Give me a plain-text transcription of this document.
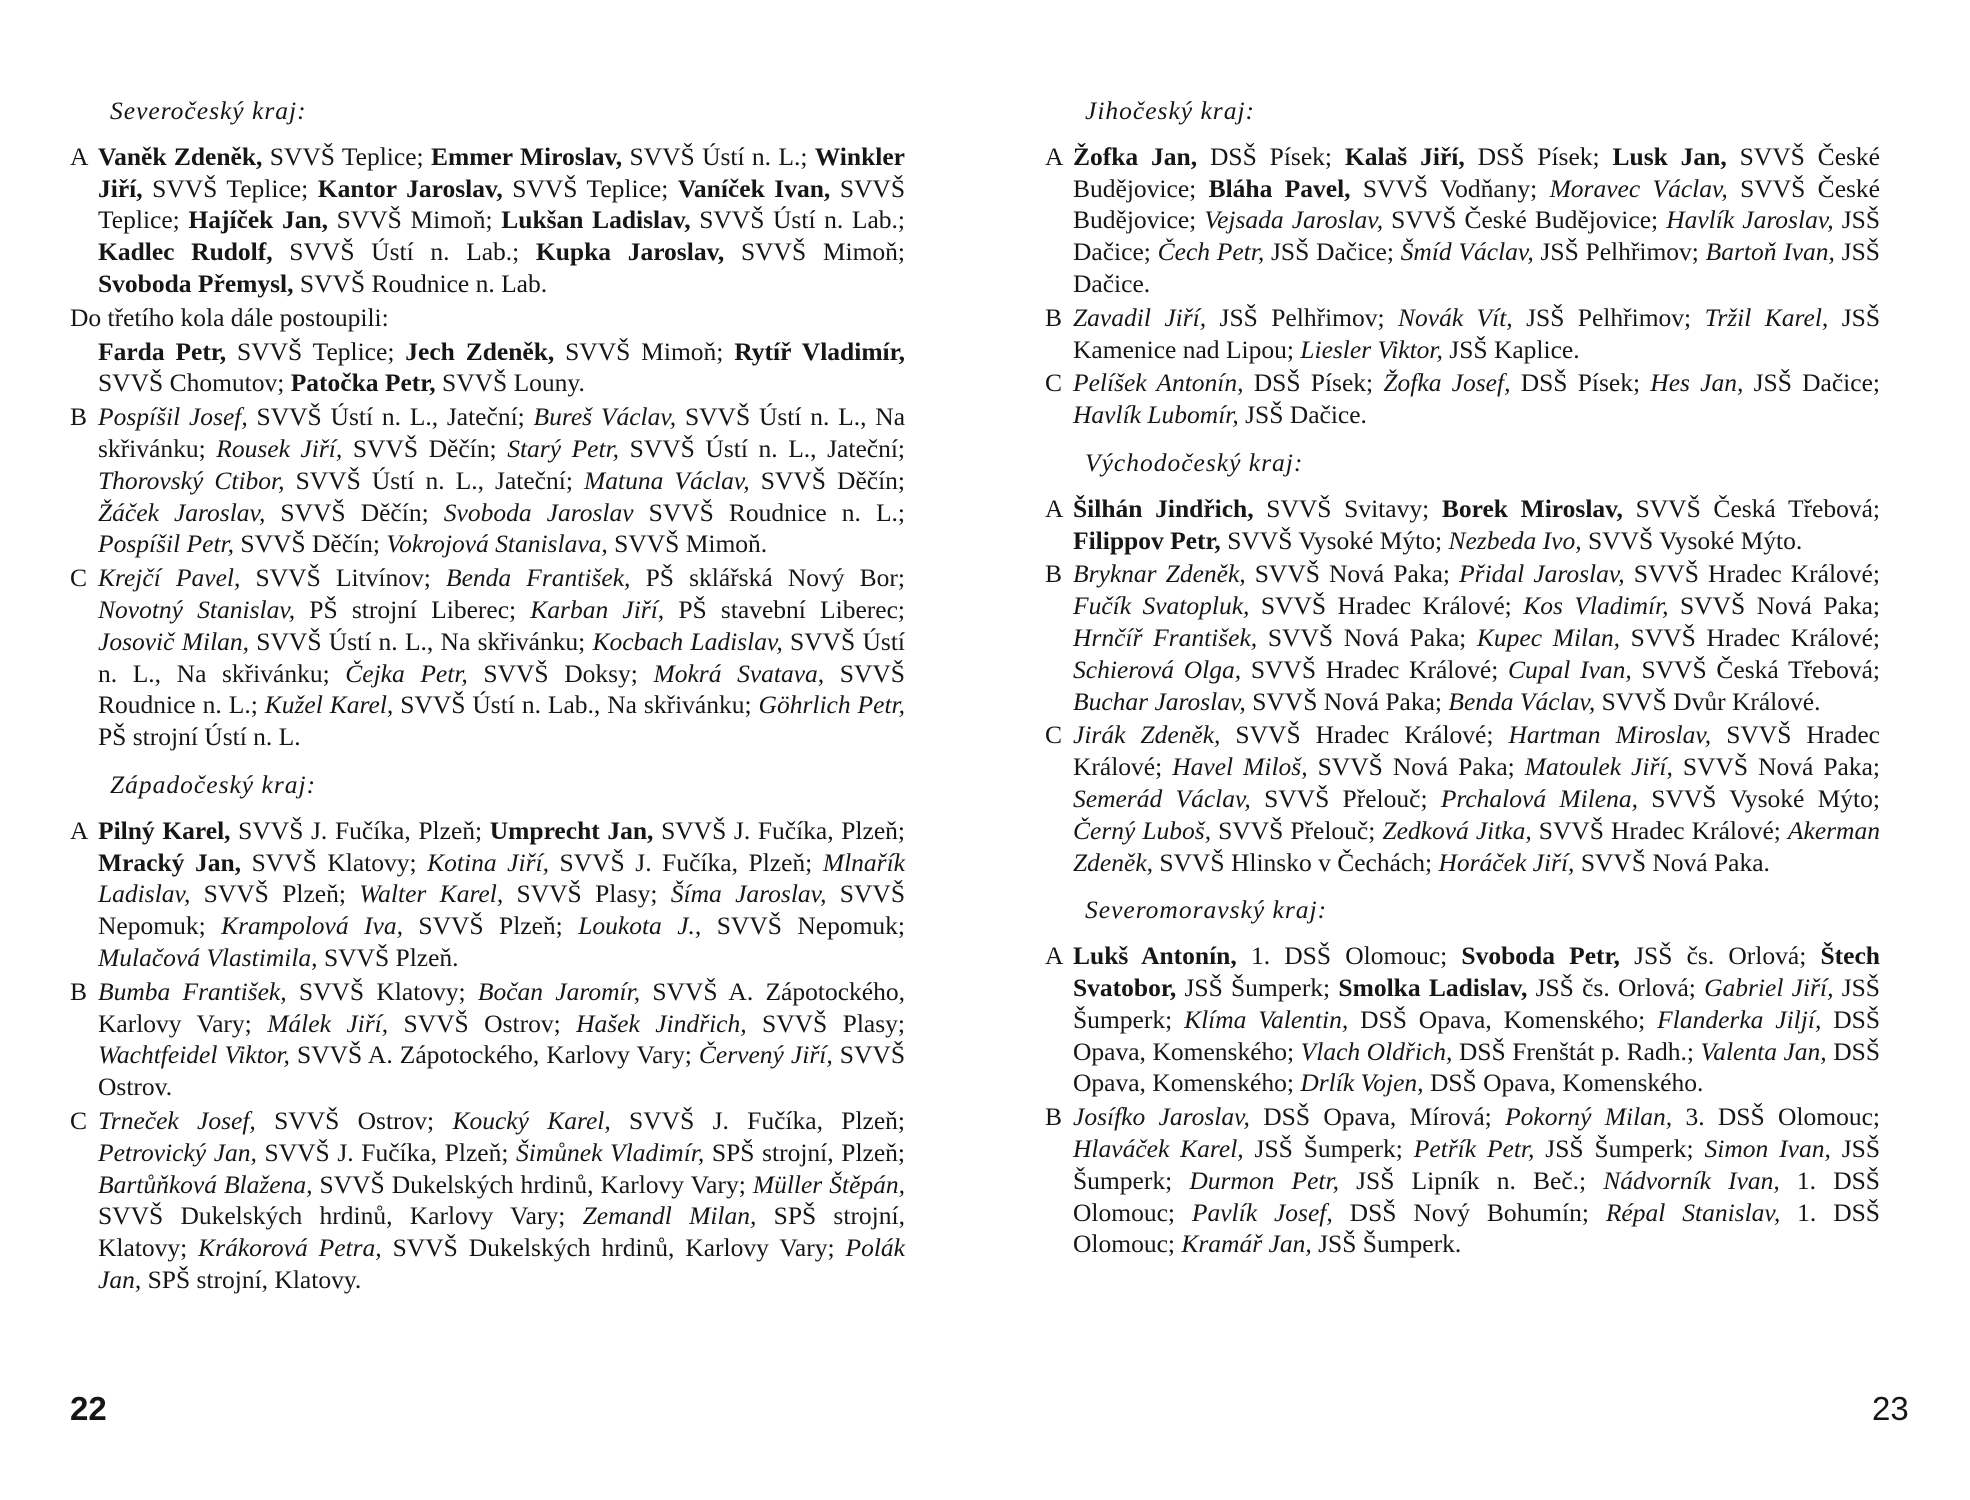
Severočeský kraj:
A Vaněk Zdeněk, SVVŠ Teplice; Emmer Miroslav, SVVŠ Ústí n. L.; Winkler Jiří, SVVŠ Teplice; Kantor Jaroslav, SVVŠ Teplice; Vaníček Ivan, SVVŠ Teplice; Hajíček Jan, SVVŠ Mimoň; Lukšan Ladislav, SVVŠ Ústí n. Lab.; Kadlec Rudolf, SVVŠ Ústí n. Lab.; Kupka Jaroslav, SVVŠ Mimoň; Svoboda Přemysl, SVVŠ Roudnice n. Lab.
Do třetího kola dále postoupili:
Farda Petr, SVVŠ Teplice; Jech Zdeněk, SVVŠ Mimoň; Rytíř Vladimír, SVVŠ Chomutov; Patočka Petr, SVVŠ Louny.
B Pospíšil Josef, SVVŠ Ústí n. L., Jateční; Bureš Václav, SVVŠ Ústí n. L., Na skřivánku; Rousek Jiří, SVVŠ Děčín; Starý Petr, SVVŠ Ústí n. L., Jateční; Thorovský Ctibor, SVVŠ Ústí n. L., Jateční; Matuna Václav, SVVŠ Děčín; Žáček Jaroslav, SVVŠ Děčín; Svoboda Jaroslav SVVŠ Roudnice n. L.; Pospíšil Petr, SVVŠ Děčín; Vokrojová Stanislava, SVVŠ Mimoň.
C Krejčí Pavel, SVVŠ Litvínov; Benda František, PŠ sklářská Nový Bor; Novotný Stanislav, PŠ strojní Liberec; Karban Jiří, PŠ stavební Liberec; Josovič Milan, SVVŠ Ústí n. L., Na skřivánku; Kocbach Ladislav, SVVŠ Ústí n. L., Na skřivánku; Čejka Petr, SVVŠ Doksy; Mokrá Svatava, SVVŠ Roudnice n. L.; Kužel Karel, SVVŠ Ústí n. Lab., Na skřivánku; Göhrlich Petr, PŠ strojní Ústí n. L.
Západočeský kraj:
A Pilný Karel, SVVŠ J. Fučíka, Plzeň; Umprecht Jan, SVVŠ J. Fučíka, Plzeň; Mracký Jan, SVVŠ Klatovy; Kotina Jiří, SVVŠ J. Fučíka, Plzeň; Mlnařík Ladislav, SVVŠ Plzeň; Walter Karel, SVVŠ Plasy; Šíma Jaroslav, SVVŠ Nepomuk; Krampolová Iva, SVVŠ Plzeň; Loukota J., SVVŠ Nepomuk; Mulačová Vlastimila, SVVŠ Plzeň.
B Bumba František, SVVŠ Klatovy; Bočan Jaromír, SVVŠ A. Zápotockého, Karlovy Vary; Málek Jiří, SVVŠ Ostrov; Hašek Jindřich, SVVŠ Plasy; Wachtfeidel Viktor, SVVŠ A. Zápotockého, Karlovy Vary; Červený Jiří, SVVŠ Ostrov.
C Trneček Josef, SVVŠ Ostrov; Koucký Karel, SVVŠ J. Fučíka, Plzeň; Petrovický Jan, SVVŠ J. Fučíka, Plzeň; Šimůnek Vladimír, SPŠ strojní, Plzeň; Bartůňková Blažena, SVVŠ Dukelských hrdinů, Karlovy Vary; Müller Štěpán, SVVŠ Dukelských hrdinů, Karlovy Vary; Zemandl Milan, SPŠ strojní, Klatovy; Krákorová Petra, SVVŠ Dukelských hrdinů, Karlovy Vary; Polák Jan, SPŠ strojní, Klatovy.
Jihočeský kraj:
A Žofka Jan, DSŠ Písek; Kalaš Jiří, DSŠ Písek; Lusk Jan, SVVŠ České Budějovice; Bláha Pavel, SVVŠ Vodňany; Moravec Václav, SVVŠ České Budějovice; Vejsada Jaroslav, SVVŠ České Budějovice; Havlík Jaroslav, JSŠ Dačice; Čech Petr, JSŠ Dačice; Šmíd Václav, JSŠ Pelhřimov; Bartoň Ivan, JSŠ Dačice.
B Zavadil Jiří, JSŠ Pelhřimov; Novák Vít, JSŠ Pelhřimov; Tržil Karel, JSŠ Kamenice nad Lipou; Liesler Viktor, JSŠ Kaplice.
C Pelíšek Antonín, DSŠ Písek; Žofka Josef, DSŠ Písek; Hes Jan, JSŠ Dačice; Havlík Lubomír, JSŠ Dačice.
Východočeský kraj:
A Šilhán Jindřich, SVVŠ Svitavy; Borek Miroslav, SVVŠ Česká Třebová; Filippov Petr, SVVŠ Vysoké Mýto; Nezbeda Ivo, SVVŠ Vysoké Mýto.
B Bryknar Zdeněk, SVVŠ Nová Paka; Přidal Jaroslav, SVVŠ Hradec Králové; Fučík Svatopluk, SVVŠ Hradec Králové; Kos Vladimír, SVVŠ Nová Paka; Hrnčíř František, SVVŠ Nová Paka; Kupec Milan, SVVŠ Hradec Králové; Schierová Olga, SVVŠ Hradec Králové; Cupal Ivan, SVVŠ Česká Třebová; Buchar Jaroslav, SVVŠ Nová Paka; Benda Václav, SVVŠ Dvůr Králové.
C Jirák Zdeněk, SVVŠ Hradec Králové; Hartman Miroslav, SVVŠ Hradec Králové; Havel Miloš, SVVŠ Nová Paka; Matoulek Jiří, SVVŠ Nová Paka; Semerád Václav, SVVŠ Přelouč; Prchalová Milena, SVVŠ Vysoké Mýto; Černý Luboš, SVVŠ Přelouč; Zedková Jitka, SVVŠ Hradec Králové; Akerman Zdeněk, SVVŠ Hlinsko v Čechách; Horáček Jiří, SVVŠ Nová Paka.
Severomoravský kraj:
A Lukš Antonín, 1. DSŠ Olomouc; Svoboda Petr, JSŠ čs. Orlová; Štech Svatobor, JSŠ Šumperk; Smolka Ladislav, JSŠ čs. Orlová; Gabriel Jiří, JSŠ Šumperk; Klíma Valentin, DSŠ Opava, Komenského; Flanderka Jiljí, DSŠ Opava, Komenského; Vlach Oldřich, DSŠ Frenštát p. Radh.; Valenta Jan, DSŠ Opava, Komenského; Drlík Vojen, DSŠ Opava, Komenského.
B Josífko Jaroslav, DSŠ Opava, Mírová; Pokorný Milan, 3. DSŠ Olomouc; Hlaváček Karel, JSŠ Šumperk; Petřík Petr, JSŠ Šumperk; Simon Ivan, JSŠ Šumperk; Durmon Petr, JSŠ Lipník n. Beč.; Nádvorník Ivan, 1. DSŠ Olomouc; Pavlík Josef, DSŠ Nový Bohumín; Répal Stanislav, 1. DSŠ Olomouc; Kramář Jan, JSŠ Šumperk.
22	23
